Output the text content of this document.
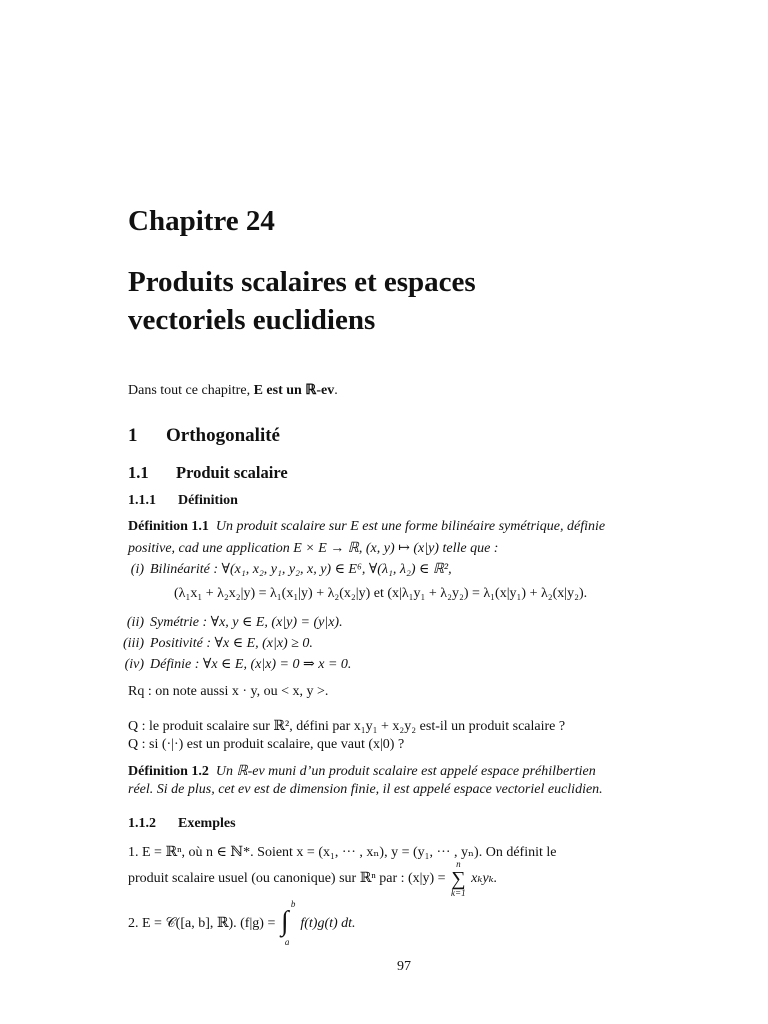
Chapitre 24
Produits scalaires et espaces
vectoriels euclidiens
Dans tout ce chapitre, E est un ℝ-ev.
1 Orthogonalité
1.1 Produit scalaire
1.1.1 Définition
Définition 1.1 Un produit scalaire sur E est une forme bilinéaire symétrique, définie
positive, cad une application E × E → ℝ, (x, y) ↦ (x|y) telle que :
(i) Bilinéarité : ∀(x₁, x₂, y₁, y₂, x, y) ∈ E⁶, ∀(λ₁, λ₂) ∈ ℝ²,
(λ₁x₁ + λ₂x₂|y) = λ₁(x₁|y) + λ₂(x₂|y) et (x|λ₁y₁ + λ₂y₂) = λ₁(x|y₁) + λ₂(x|y₂).
(ii) Symétrie : ∀x, y ∈ E, (x|y) = (y|x).
(iii) Positivité : ∀x ∈ E, (x|x) ≥ 0.
(iv) Définie : ∀x ∈ E, (x|x) = 0 ⇒ x = 0.
Rq : on note aussi x · y, ou < x, y >.
Q : le produit scalaire sur ℝ², défini par x₁y₁ + x₂y₂ est-il un produit scalaire ?
Q : si (·|·) est un produit scalaire, que vaut (x|0) ?
Définition 1.2 Un ℝ-ev muni d’un produit scalaire est appelé espace préhilbertien
réel. Si de plus, cet ev est de dimension finie, il est appelé espace vectoriel euclidien.
1.1.2 Exemples
1. E = ℝⁿ, où n ∈ ℕ*. Soient x = (x₁, ··· , xₙ), y = (y₁, ··· , yₙ). On définit le
produit scalaire usuel (ou canonique) sur ℝⁿ par : (x|y) =
n
∑
k=1
xₖyₖ.
2. E = 𝒞([a, b], ℝ). (f|g) =
b
∫
a
f(t)g(t) dt.
97
